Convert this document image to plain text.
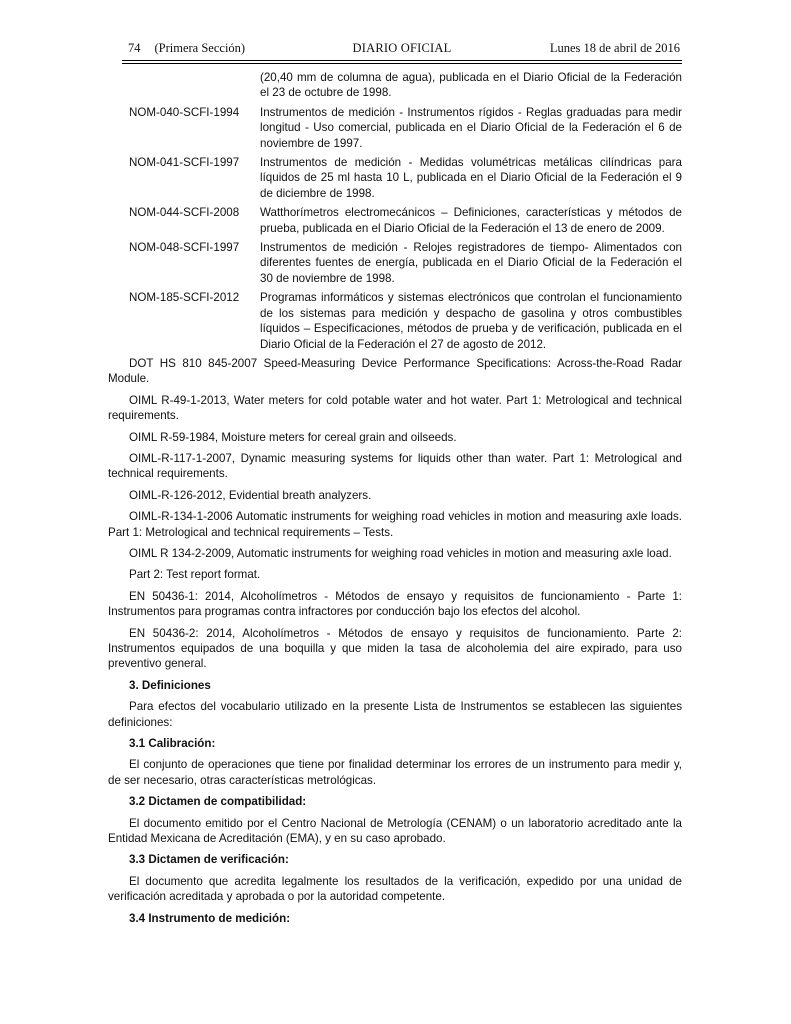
74 (Primera Sección)	DIARIO OFICIAL	Lunes 18 de abril de 2016
(20,40 mm de columna de agua), publicada en el Diario Oficial de la Federación el 23 de octubre de 1998.
NOM-040-SCFI-1994	Instrumentos de medición - Instrumentos rígidos - Reglas graduadas para medir longitud - Uso comercial, publicada en el Diario Oficial de la Federación el 6 de noviembre de 1997.
NOM-041-SCFI-1997	Instrumentos de medición - Medidas volumétricas metálicas cilíndricas para líquidos de 25 ml hasta 10 L, publicada en el Diario Oficial de la Federación el 9 de diciembre de 1998.
NOM-044-SCFI-2008	Watthorímetros electromecánicos – Definiciones, características y métodos de prueba, publicada en el Diario Oficial de la Federación el 13 de enero de 2009.
NOM-048-SCFI-1997	Instrumentos de medición - Relojes registradores de tiempo- Alimentados con diferentes fuentes de energía, publicada en el Diario Oficial de la Federación el 30 de noviembre de 1998.
NOM-185-SCFI-2012	Programas informáticos y sistemas electrónicos que controlan el funcionamiento de los sistemas para medición y despacho de gasolina y otros combustibles líquidos – Especificaciones, métodos de prueba y de verificación, publicada en el Diario Oficial de la Federación el 27 de agosto de 2012.
DOT HS 810 845-2007 Speed-Measuring Device Performance Specifications: Across-the-Road Radar Module.
OIML R-49-1-2013, Water meters for cold potable water and hot water. Part 1: Metrological and technical requirements.
OIML R-59-1984, Moisture meters for cereal grain and oilseeds.
OIML-R-117-1-2007, Dynamic measuring systems for liquids other than water. Part 1: Metrological and technical requirements.
OIML-R-126-2012, Evidential breath analyzers.
OIML-R-134-1-2006 Automatic instruments for weighing road vehicles in motion and measuring axle loads. Part 1: Metrological and technical requirements – Tests.
OIML R 134-2-2009, Automatic instruments for weighing road vehicles in motion and measuring axle load.
Part 2: Test report format.
EN 50436-1: 2014, Alcoholímetros - Métodos de ensayo y requisitos de funcionamiento - Parte 1: Instrumentos para programas contra infractores por conducción bajo los efectos del alcohol.
EN 50436-2: 2014, Alcoholímetros - Métodos de ensayo y requisitos de funcionamiento. Parte 2: Instrumentos equipados de una boquilla y que miden la tasa de alcoholemia del aire expirado, para uso preventivo general.
3. Definiciones
Para efectos del vocabulario utilizado en la presente Lista de Instrumentos se establecen las siguientes definiciones:
3.1 Calibración:
El conjunto de operaciones que tiene por finalidad determinar los errores de un instrumento para medir y, de ser necesario, otras características metrológicas.
3.2 Dictamen de compatibilidad:
El documento emitido por el Centro Nacional de Metrología (CENAM) o un laboratorio acreditado ante la Entidad Mexicana de Acreditación (EMA), y en su caso aprobado.
3.3 Dictamen de verificación:
El documento que acredita legalmente los resultados de la verificación, expedido por una unidad de verificación acreditada y aprobada o por la autoridad competente.
3.4 Instrumento de medición:
